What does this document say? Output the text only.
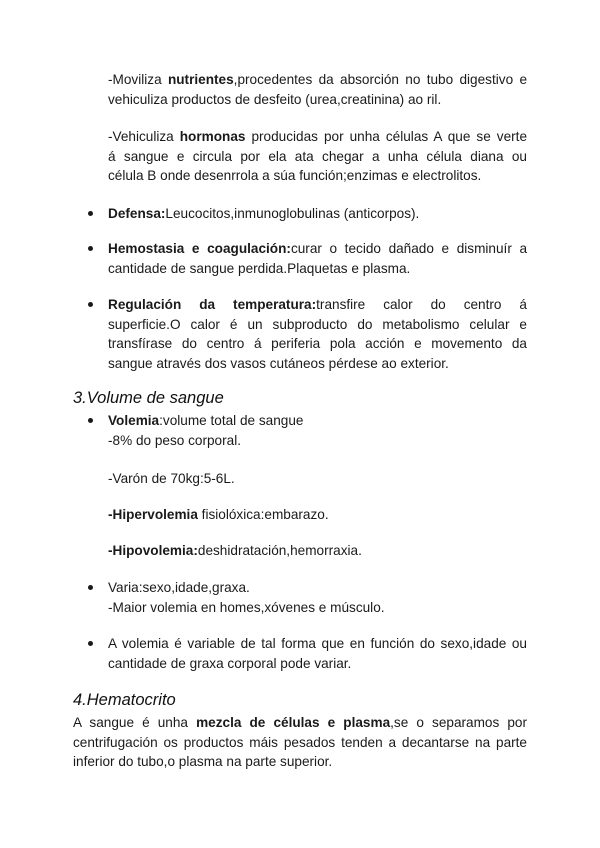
-Moviliza nutrientes,procedentes da absorción no tubo digestivo e
vehiculiza productos de desfeito (urea,creatinina) ao ril.
-Vehiculiza hormonas producidas por unha células A que se verte
á sangue e circula por ela ata chegar a unha célula diana ou
célula B onde desenrrola a súa función;enzimas e electrolitos.
Defensa:Leucocitos,inmunoglobulinas (anticorpos).
Hemostasia e coagulación:curar o tecido dañado e disminuír a
cantidade de sangue perdida.Plaquetas e plasma.
Regulación da temperatura:transfire calor do centro á
superficie.O calor é un subproducto do metabolismo celular e
transfírase do centro á periferia pola acción e movemento da
sangue através dos vasos cutáneos pérdese ao exterior.
3.Volume de sangue
Volemia:volume total de sangue
-8% do peso corporal.
-Varón de 70kg:5-6L.
-Hipervolemia fisiolóxica:embarazo.
-Hipovolemia:deshidratación,hemorraxia.
Varia:sexo,idade,graxa.
-Maior volemia en homes,xóvenes e músculo.
A volemia é variable de tal forma que en función do sexo,idade ou
cantidade de graxa corporal pode variar.
4.Hematocrito
A sangue é unha mezcla de células e plasma,se o separamos por
centrifugación os productos máis pesados tenden a decantarse na parte
inferior do tubo,o plasma na parte superior.
